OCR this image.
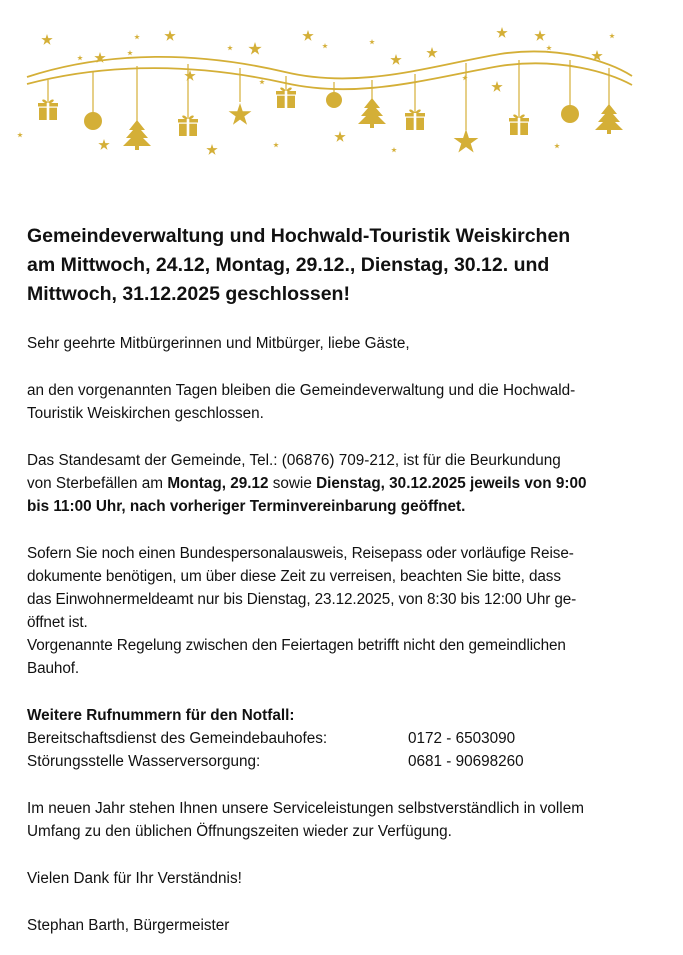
Gemeindeverwaltung und Hochwald-Touristik Weiskirchen
am Mittwoch, 24.12, Montag, 29.12., Dienstag, 30.12. und
Mittwoch, 31.12.2025 geschlossen!

Sehr geehrte Mitbürgerinnen und Mitbürger, liebe Gäste,

an den vorgenannten Tagen bleiben die Gemeindeverwaltung und die Hochwald-
Touristik Weiskirchen geschlossen.

Das Standesamt der Gemeinde, Tel.: (06876) 709-212, ist für die Beurkundung
von Sterbefällen am Montag, 29.12 sowie Dienstag, 30.12.2025 jeweils von 9:00
bis 11:00 Uhr, nach vorheriger Terminvereinbarung geöffnet.

Sofern Sie noch einen Bundespersonalausweis, Reisepass oder vorläufige Reise-
dokumente benötigen, um über diese Zeit zu verreisen, beachten Sie bitte, dass
das Einwohnermeldeamt nur bis Dienstag, 23.12.2025, von 8:30 bis 12:00 Uhr ge-
öffnet ist.
Vorgenannte Regelung zwischen den Feiertagen betrifft nicht den gemeindlichen
Bauhof.

Weitere Rufnummern für den Notfall:

Bereitschaftsdienst des Gemeindebauhofes:	0172 - 6503090
Störungsstelle Wasserversorgung:	0681 - 90698260

Im neuen Jahr stehen Ihnen unsere Serviceleistungen selbstverständlich in vollem
Umfang zu den üblichen Öffnungszeiten wieder zur Verfügung.

Vielen Dank für Ihr Verständnis!

Stephan Barth, Bürgermeister
